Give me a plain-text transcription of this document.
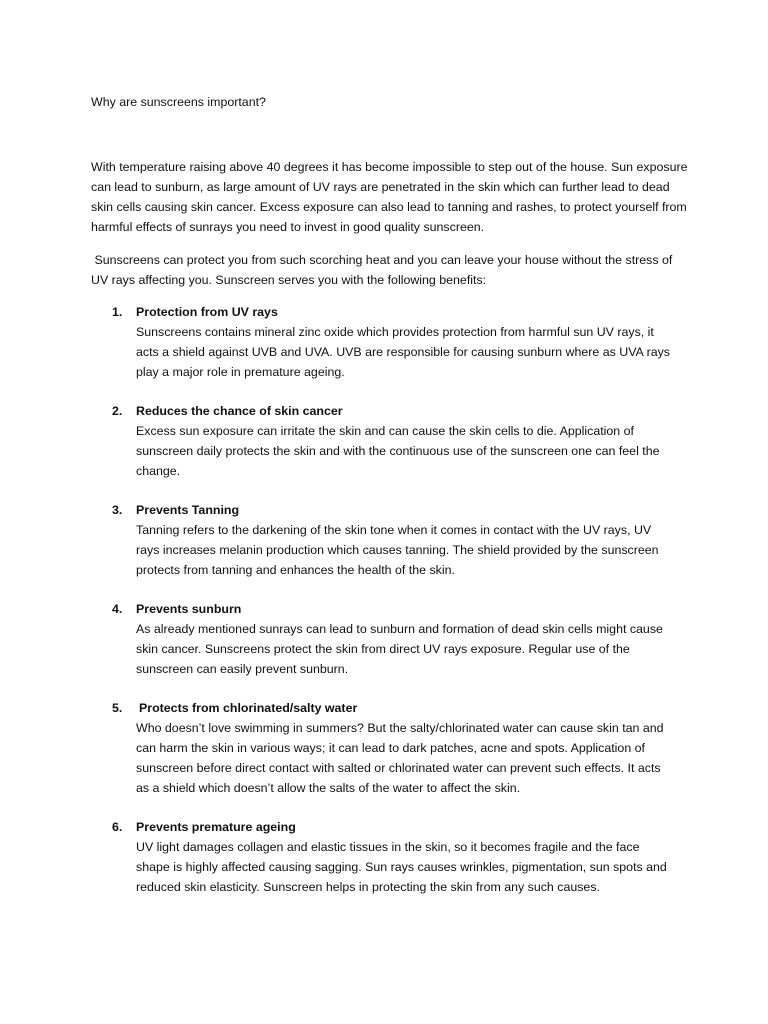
Why are sunscreens important?

With temperature raising above 40 degrees it has become impossible to step out of the house. Sun exposure can lead to sunburn, as large amount of UV rays are penetrated in the skin which can further lead to dead skin cells causing skin cancer. Excess exposure can also lead to tanning and rashes, to protect yourself from harmful effects of sunrays you need to invest in good quality sunscreen.

Sunscreens can protect you from such scorching heat and you can leave your house without the stress of UV rays affecting you. Sunscreen serves you with the following benefits:

1. Protection from UV rays

Sunscreens contains mineral zinc oxide which provides protection from harmful sun UV rays, it acts a shield against UVB and UVA. UVB are responsible for causing sunburn where as UVA rays play a major role in premature ageing.

2. Reduces the chance of skin cancer

Excess sun exposure can irritate the skin and can cause the skin cells to die. Application of sunscreen daily protects the skin and with the continuous use of the sunscreen one can feel the change.

3. Prevents Tanning

Tanning refers to the darkening of the skin tone when it comes in contact with the UV rays, UV rays increases melanin production which causes tanning. The shield provided by the sunscreen protects from tanning and enhances the health of the skin.

4. Prevents sunburn

As already mentioned sunrays can lead to sunburn and formation of dead skin cells might cause skin cancer. Sunscreens protect the skin from direct UV rays exposure. Regular use of the sunscreen can easily prevent sunburn.

5. Protects from chlorinated/salty water

Who doesn’t love swimming in summers? But the salty/chlorinated water can cause skin tan and can harm the skin in various ways; it can lead to dark patches, acne and spots. Application of sunscreen before direct contact with salted or chlorinated water can prevent such effects. It acts as a shield which doesn’t allow the salts of the water to affect the skin.

6. Prevents premature ageing

UV light damages collagen and elastic tissues in the skin, so it becomes fragile and the face shape is highly affected causing sagging. Sun rays causes wrinkles, pigmentation, sun spots and reduced skin elasticity. Sunscreen helps in protecting the skin from any such causes.
